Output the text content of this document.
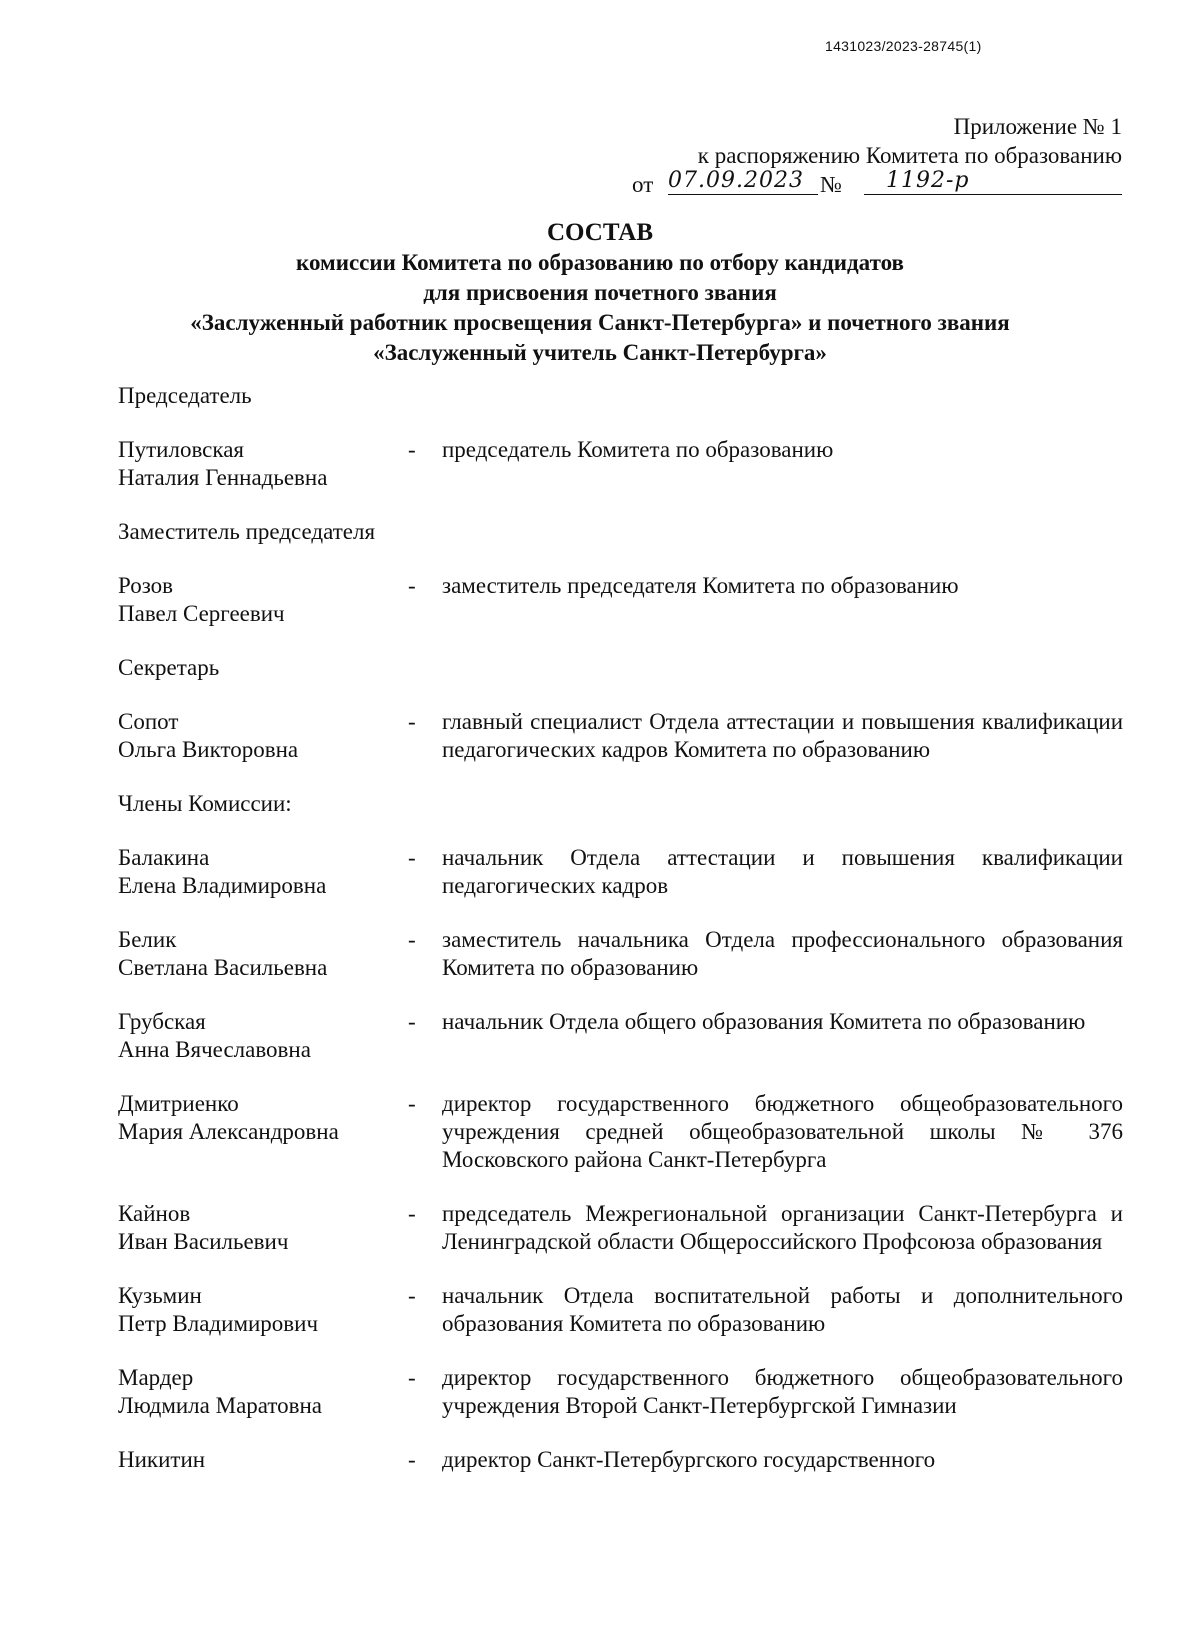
1431023/2023-28745(1)
Приложение № 1
к распоряжению Комитета по образованию
от 07.09.2023 №	1192-р
СОСТАВ
комиссии Комитета по образованию по отбору кандидатов
для присвоения почетного звания
«Заслуженный работник просвещения Санкт-Петербурга» и почетного звания
«Заслуженный учитель Санкт-Петербурга»
Председатель
Путиловская
Наталия Геннадьевна
-	председатель Комитета по образованию
Заместитель председателя
Розов
Павел Сергеевич
-	заместитель председателя Комитета по образованию
Секретарь
Сопот
Ольга Викторовна
-	главный специалист Отдела аттестации и повышения квалификации педагогических кадров Комитета по образованию
Члены Комиссии:
Балакина
Елена Владимировна
-	начальник Отдела аттестации и повышения квалификации педагогических кадров
Белик
Светлана Васильевна
-	заместитель начальника Отдела профессионального образования Комитета по образованию
Грубская
Анна Вячеславовна
-	начальник Отдела общего образования Комитета по образованию
Дмитриенко
Мария Александровна
-	директор государственного бюджетного общеобразовательного учреждения средней общеобразовательной школы № 376 Московского района Санкт-Петербурга
Кайнов
Иван Васильевич
-	председатель Межрегиональной организации Санкт-Петербурга и Ленинградской области Общероссийского Профсоюза образования
Кузьмин
Петр Владимирович
-	начальник Отдела воспитательной работы и дополнительного образования Комитета по образованию
Мардер
Людмила Маратовна
-	директор государственного бюджетного общеобразовательного учреждения Второй Санкт-Петербургской Гимназии
Никитин	-	директор Санкт-Петербургского государственного
